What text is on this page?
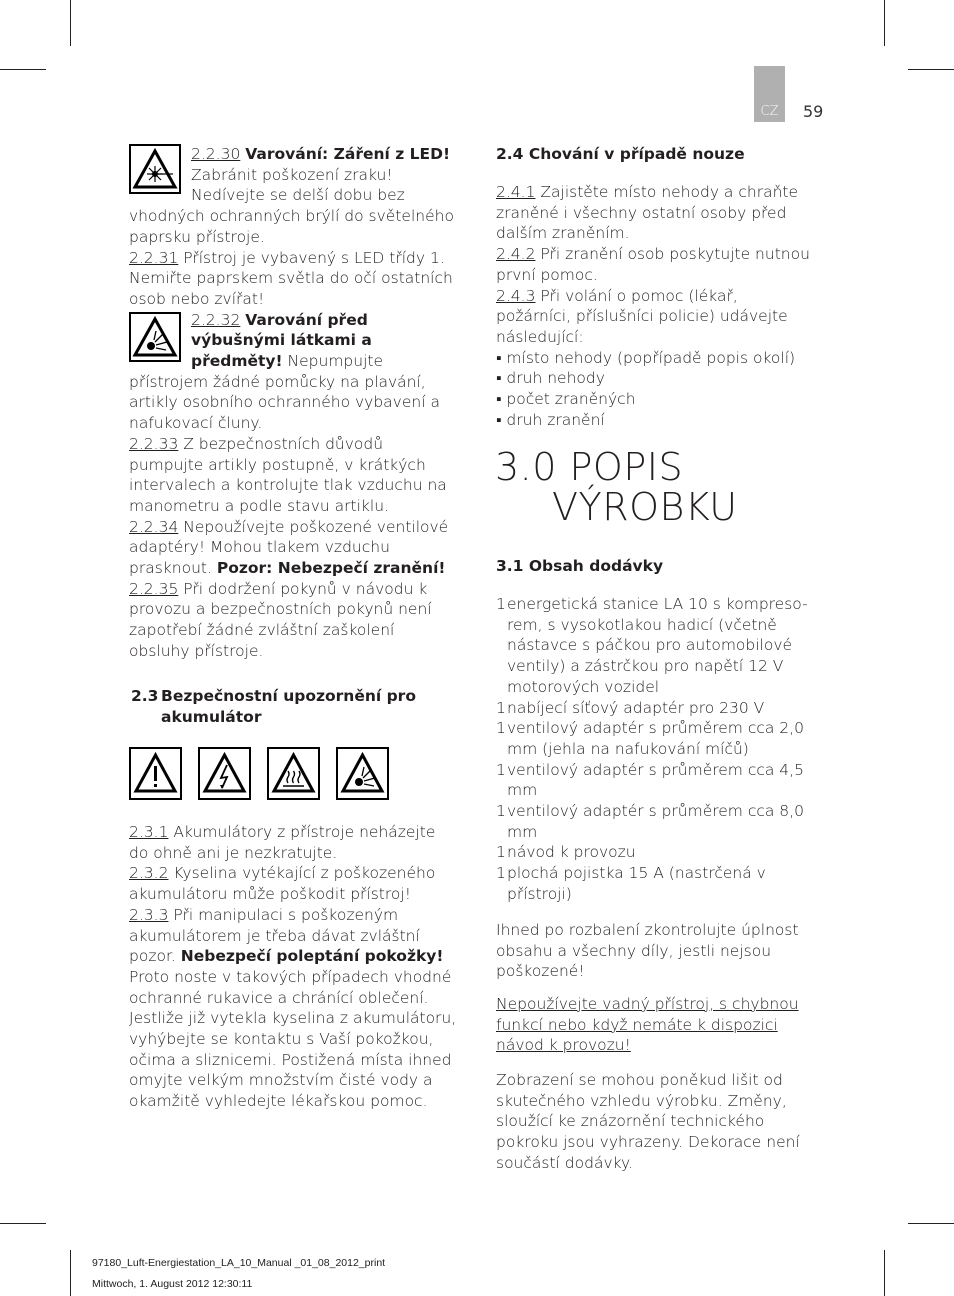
CZ	59

2.2.30 Varování: Záření z LED! Zabránit poškození zraku! Nedívejte se delší dobu bez vhodných ochranných brýlí do světelného paprsku přístroje.

2.2.31 Přístroj je vybavený s LED třídy 1. Nemiřte paprskem světla do očí ostatních osob nebo zvířat!

2.2.32 Varování před výbušnými látkami a předměty! Nepumpujte přístrojem žádné pomůcky na plavání, artikly osobního ochranného vybavení a nafukovací čluny.

2.2.33 Z bezpečnostních důvodů pumpujte artikly postupně, v krátkých intervalech a kontrolujte tlak vzduchu na manometru a podle stavu artiklu.

2.2.34 Nepoužívejte poškozené ventilové adaptéry! Mohou tlakem vzduchu prasknout. Pozor: Nebezpečí zranění!

2.2.35 Při dodržení pokynů v návodu k provozu a bezpečnostních pokynů není zapotřebí žádné zvláštní zaškolení obsluhy přístroje.

2.3 Bezpečnostní upozornění pro akumulátor

2.3.1 Akumulátory z přístroje neházejte do ohně ani je nezkratujte.

2.3.2 Kyselina vytékající z poškozeného akumulátoru může poškodit přístroj!

2.3.3 Při manipulaci s poškozeným akumulátorem je třeba dávat zvláštní pozor. Nebezpečí poleptání pokožky! Proto noste v takových případech vhodné ochranné rukavice a chránící oblečení. Jestliže již vytekla kyselina z akumulátoru, vyhýbejte se kontaktu s Vaší pokožkou, očima a sliznicemi. Postižená místa ihned omyjte velkým množstvím čisté vody a okamžitě vyhledejte lékařskou pomoc.

2.4 Chování v případě nouze

2.4.1 Zajistěte místo nehody a chraňte zraněné i všechny ostatní osoby před dalším zraněním.

2.4.2 Při zranění osob poskytujte nutnou první pomoc.

2.4.3 Při volání o pomoc (lékař, požárníci, příslušníci policie) udávejte následující:

▪ místo nehody (popřípadě popis okolí)

▪ druh nehody

▪ počet zraněných

▪ druh zranění

3.0 POPIS
VÝROBKU
3.1 Obsah dodávky
1 energetická stanice LA 10 s kompreso-rem, s vysokotlakou hadicí (včetně nástavce s páčkou pro automobilové ventily) a zástrčkou pro napětí 12 V motorových vozidel
1 nabíjecí síťový adaptér pro 230 V
1 ventilový adaptér s průměrem cca 2,0 mm (jehla na nafukování míčů)
1 ventilový adaptér s průměrem cca 4,5 mm
1 ventilový adaptér s průměrem cca 8,0 mm
1 návod k provozu
1 plochá pojistka 15 A (nastrčená v přístroji)
Ihned po rozbalení zkontrolujte úplnost obsahu a všechny díly, jestli nejsou poškozené!
Nepoužívejte vadný přístroj, s chybnou funkcí nebo když nemáte k dispozici návod k provozu!
Zobrazení se mohou poněkud lišit od skutečného vzhledu výrobku. Změny, sloužící ke znázornění technického pokroku jsou vyhrazeny. Dekorace není součástí dodávky.
97180_Luft-Energiestation_LA_10_Manual _01_08_2012_print
Mittwoch, 1. August 2012 12:30:11
